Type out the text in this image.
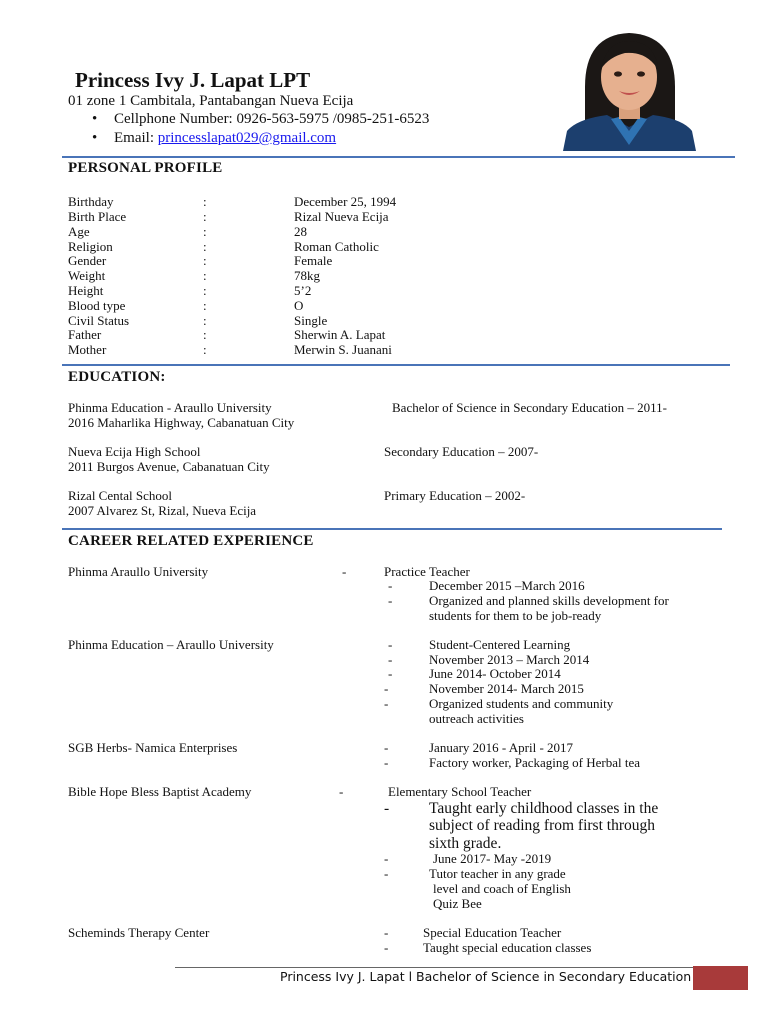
Princess Ivy J. Lapat LPT
01 zone 1 Cambitala, Pantabangan Nueva Ecija
• Cellphone Number: 0926-563-5975 /0985-251-6523
• Email: princesslapat029@gmail.com
PERSONAL PROFILE
Birthday	:	December 25, 1994
Birth Place	:	Rizal Nueva Ecija
Age	:	28
Religion	:	Roman Catholic
Gender	:	Female
Weight	:	78kg
Height	:	5’2
Blood type	:	O
Civil Status	:	Single
Father	:	Sherwin A. Lapat
Mother	:	Merwin S. Juanani
EDUCATION:
Phinma Education - Araullo University
2016 Maharlika Highway, Cabanatuan City
Bachelor of Science in Secondary Education – 2011-
Nueva Ecija High School
2011 Burgos Avenue, Cabanatuan City
Secondary Education – 2007-
Rizal Cental School
2007 Alvarez St, Rizal, Nueva Ecija
Primary Education – 2002-
CAREER RELATED EXPERIENCE
Phinma Araullo University	-	Practice Teacher
-	December 2015 –March 2016
-	Organized and planned skills development for
students for them to be job-ready
Phinma Education – Araullo University	-	Student-Centered Learning
-	November 2013 – March 2014
-	June 2014- October 2014
-	November 2014- March 2015
-	Organized students and community
outreach activities
SGB Herbs- Namica Enterprises	-	January 2016 - April - 2017
-	Factory worker, Packaging of Herbal tea
Bible Hope Bless Baptist Academy	-	Elementary School Teacher
-	Taught early childhood classes in the
subject of reading from first through
sixth grade.
-	June 2017- May -2019
-	Tutor teacher in any grade
level and coach of English
Quiz Bee
Scheminds Therapy Center	-	Special Education Teacher
-	Taught special education classes
Princess Ivy J. Lapat l Bachelor of Science in Secondary Education
